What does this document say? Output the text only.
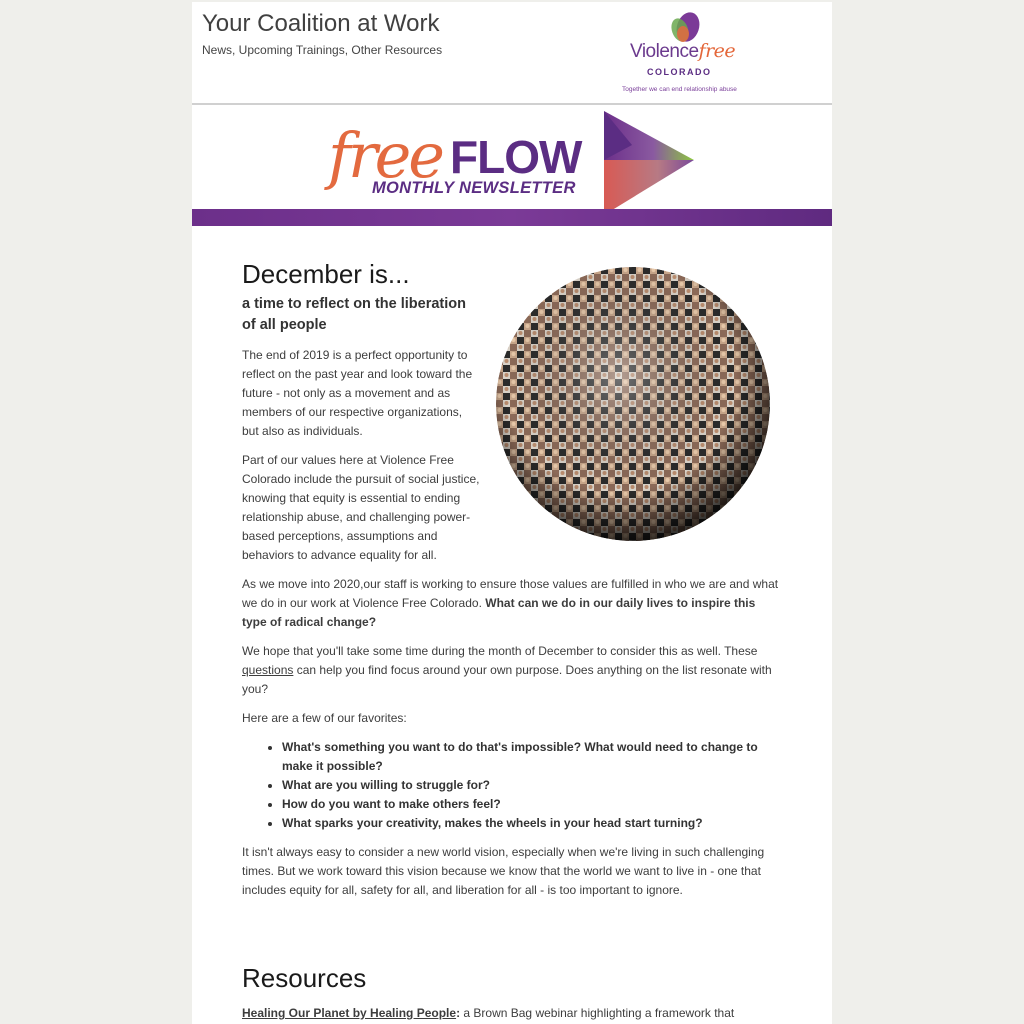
Your Coalition at Work
News, Upcoming Trainings, Other Resources	Violencefree
COLORADO
Together we can end relationship abuse
free FLOW
MONTHLY NEWSLETTER
December is...
a time to reflect on the liberation of all people

The end of 2019 is a perfect opportunity to reflect on the past year and look toward the future - not only as a movement and as members of our respective organizations, but also as individuals.

Part of our values here at Violence Free Colorado include the pursuit of social justice, knowing that equity is essential to ending relationship abuse, and challenging power-based perceptions, assumptions and behaviors to advance equality for all.

As we move into 2020,our staff is working to ensure those values are fulfilled in who we are and what we do in our work at Violence Free Colorado. What can we do in our daily lives to inspire this type of radical change?

We hope that you'll take some time during the month of December to consider this as well. These questions can help you find focus around your own purpose. Does anything on the list resonate with you?

Here are a few of our favorites:

• What's something you want to do that's impossible? What would need to change to make it possible?
• What are you willing to struggle for?
• How do you want to make others feel?
• What sparks your creativity, makes the wheels in your head start turning?

It isn't always easy to consider a new world vision, especially when we're living in such challenging times. But we work toward this vision because we know that the world we want to live in - one that includes equity for all, safety for all, and liberation for all - is too important to ignore.

Resources

Healing Our Planet by Healing People: a Brown Bag webinar highlighting a framework that
